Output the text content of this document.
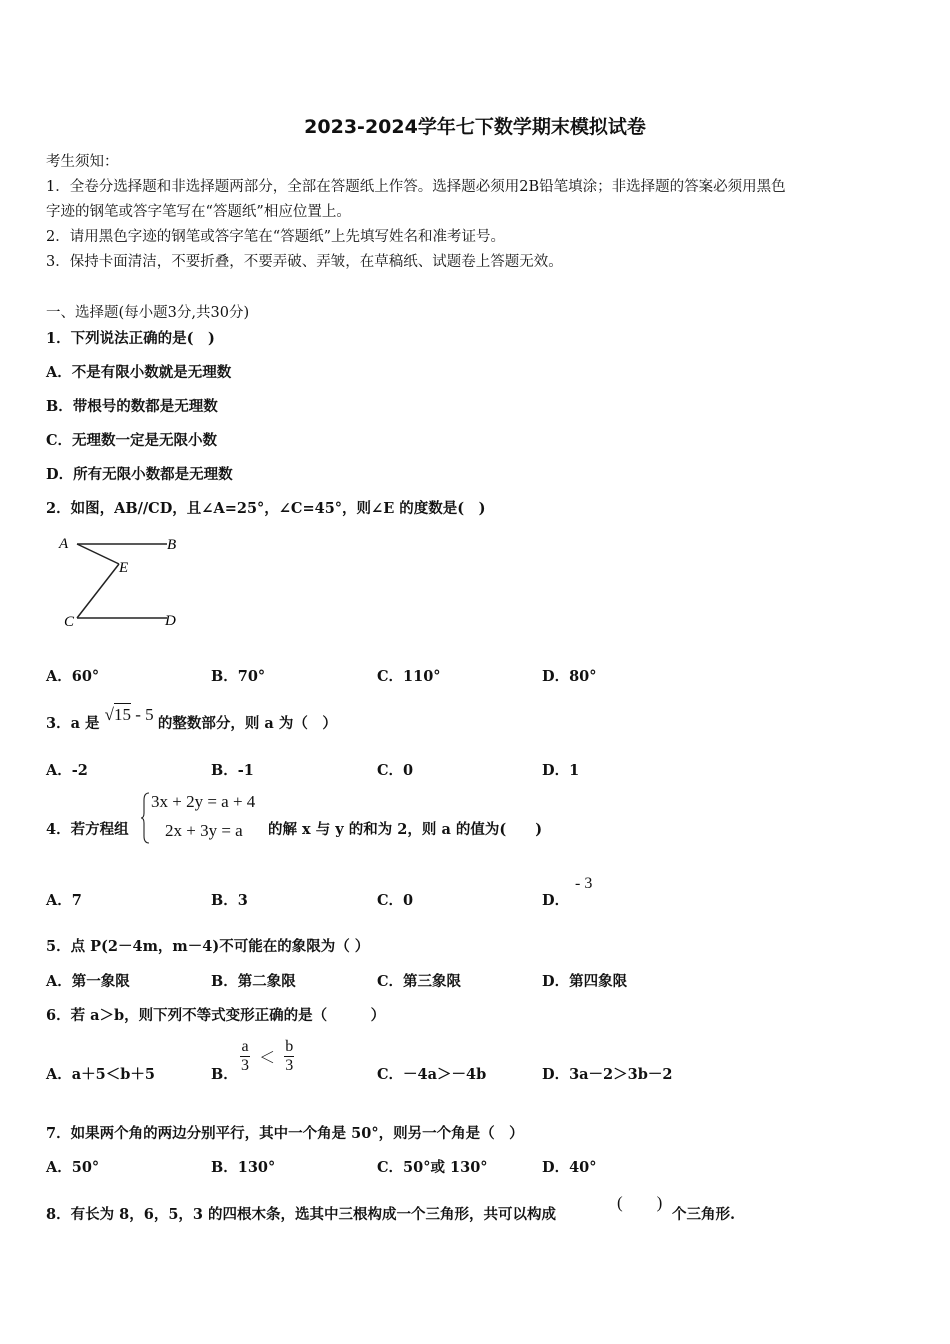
2023-2024学年七下数学期末模拟试卷
考生须知：
1．全卷分选择题和非选择题两部分，全部在答题纸上作答。选择题必须用2B铅笔填涂；非选择题的答案必须用黑色
字迹的钢笔或答字笔写在“答题纸”相应位置上。
2．请用黑色字迹的钢笔或答字笔在“答题纸”上先填写姓名和准考证号。
3．保持卡面清洁，不要折叠，不要弄破、弄皱，在草稿纸、试题卷上答题无效。
一、选择题(每小题3分,共30分)
1．下列说法正确的是(　)
A．不是有限小数就是无理数
B．带根号的数都是无理数
C．无理数一定是无限小数
D．所有无限小数都是无理数
2．如图，AB//CD，且∠A=25°，∠C=45°，则∠E 的度数是(　)
A	B
E
C	D
A．60°	B．70°	C．110°	D．80°
3．a 是 √15 - 5 的整数部分，则 a 为（　）
A．-2	B．-1	C．0	D．1
4．若方程组
3x + 2y = a + 4
2x + 3y = a 的解 x 与 y 的和为 2，则 a 的值为(　　)
A．7	B．3	C．0	D．
- 3
5．点 P(2－4m，m－4)不可能在的象限为（ ）
A．第一象限	B．第二象限	C．第三象限	D．第四象限
6．若 a＞b，则下列不等式变形正确的是（　　　）
A．a＋5＜b＋5	B． $\frac{a}{3} < \frac{b}{3}$	C．－4a＞－4b	D．3a－2＞3b－2
7．如果两个角的两边分别平行，其中一个角是 50°，则另一个角是（　）
A．50°	B．130°	C．50°或 130°	D．40°
8．有长为 8，6，5，3 的四根木条，选其中三根构成一个三角形，共可以构成
(　　)
个三角形.
